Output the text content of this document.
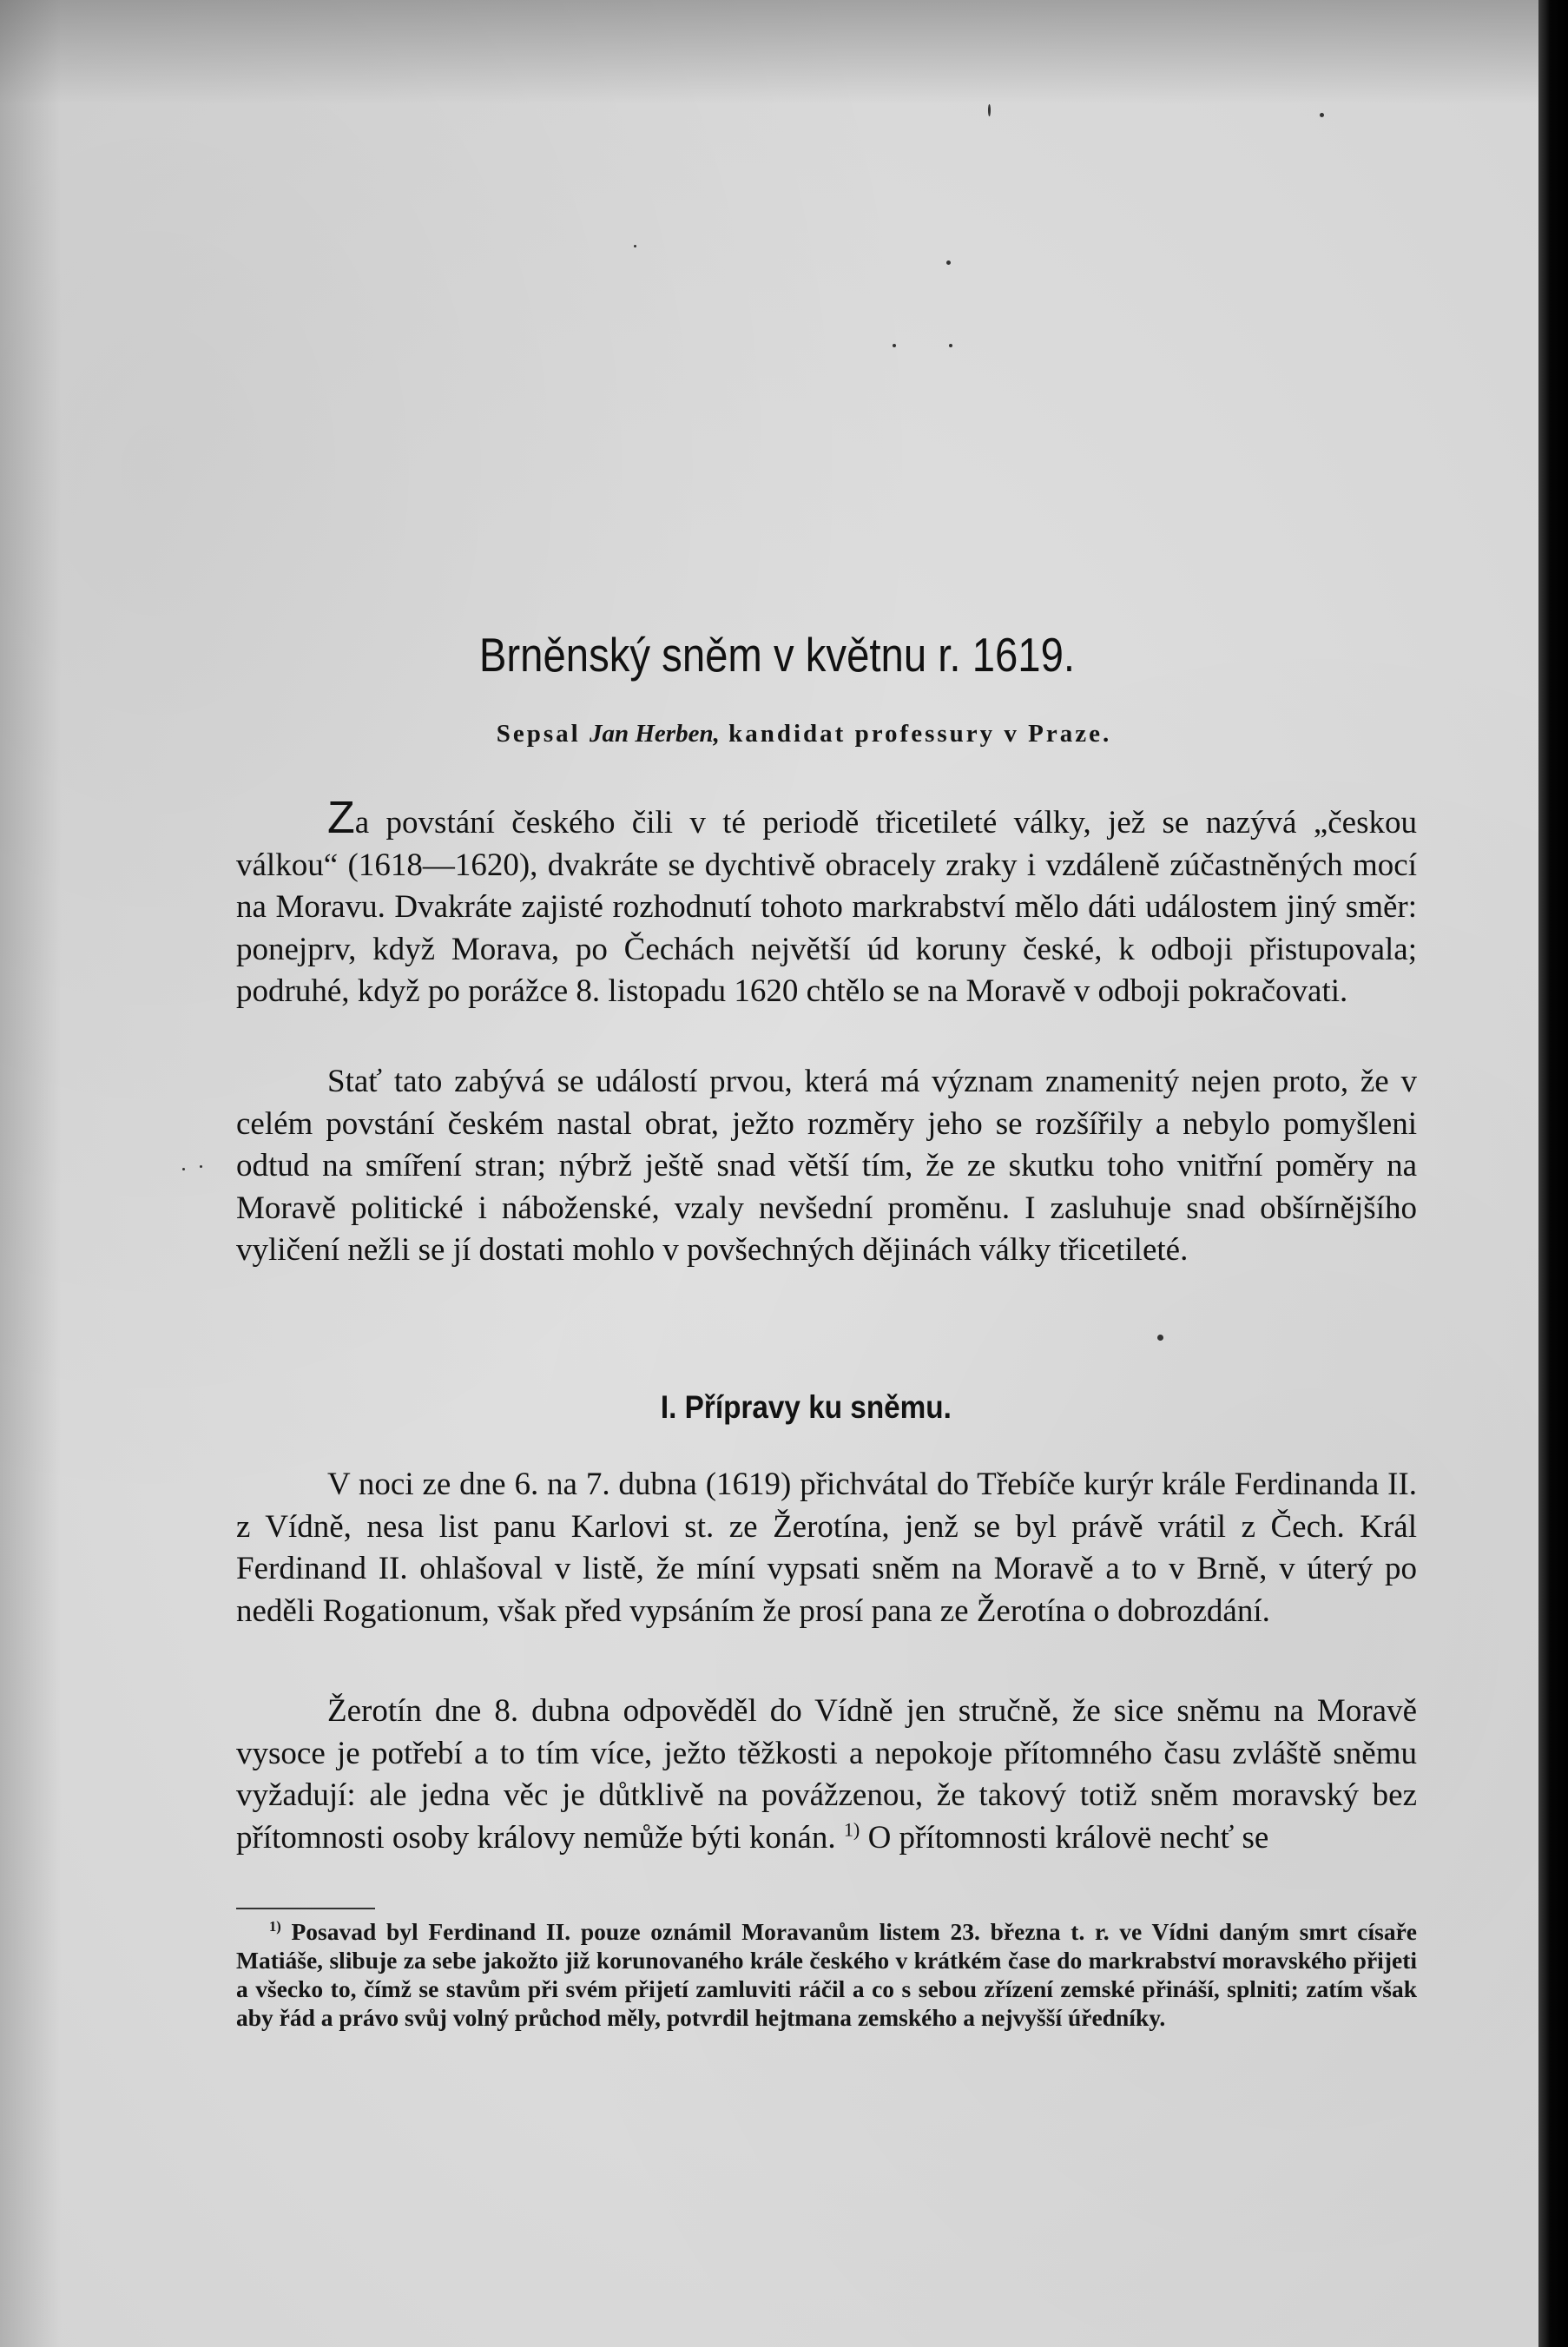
Brněnský sněm v květnu r. 1619.
Sepsal Jan Herben, kandidat professury v Praze.

Za povstání českého čili v té periodě třicetileté války, jež se nazývá „českou válkou“ (1618—1620), dvakráte se dychtivě obracely zraky i vzdáleně zúčastněných mocí na Moravu. Dvakráte zajisté rozhodnutí tohoto markrabství mělo dáti událostem jiný směr: ponejprv, když Morava, po Čechách největší úd koruny české, k odboji přistupovala; podruhé, když po porážce 8. listopadu 1620 chtělo se na Moravě v odboji pokračovati.

Stať tato zabývá se událostí prvou, která má význam znamenitý nejen proto, že v celém povstání českém nastal obrat, ježto rozměry jeho se rozšířily a nebylo pomyšleni odtud na smíření stran; nýbrž ještě snad větší tím, že ze skutku toho vnitřní poměry na Moravě politické i náboženské, vzaly nevšední proměnu. I zasluhuje snad obšírnějšího vyličení nežli se jí dostati mohlo v povšechných dějinách války třicetileté.

I. Přípravy ku sněmu.

V noci ze dne 6. na 7. dubna (1619) přichvátal do Třebíče kurýr krále Ferdinanda II. z Vídně, nesa list panu Karlovi st. ze Žerotína, jenž se byl právě vrátil z Čech. Král Ferdinand II. ohlašoval v listě, že míní vypsati sněm na Moravě a to v Brně, v úterý po neděli Rogationum, však před vypsáním že prosí pana ze Žerotína o dobrozdání.

Žerotín dne 8. dubna odpověděl do Vídně jen stručně, že sice sněmu na Moravě vysoce je potřebí a to tím více, ježto těžkosti a nepokoje přítomného času zvláště sněmu vyžadují: ale jedna věc je důtklivě na povážzenou, že takový totiž sněm moravský bez přítomnosti osoby královy nemůže býti konán. $^{1)}$ O přítomnosti královë nechť se

$^{1)}$ Posavad byl Ferdinand II. pouze oznámil Moravanům listem 23. března t. r. ve Vídni daným smrt císaře Matiáše, slibuje za sebe jakožto již korunovaného krále českého v krátkém čase do markrabství moravského přijeti a všecko to, čímž se stavům při svém přijetí zamluviti ráčil a co s sebou zřízení zemské přináší, splniti; zatím však aby řád a právo svůj volný průchod měly, potvrdil hejtmana zemského a nejvyšší úředníky.
